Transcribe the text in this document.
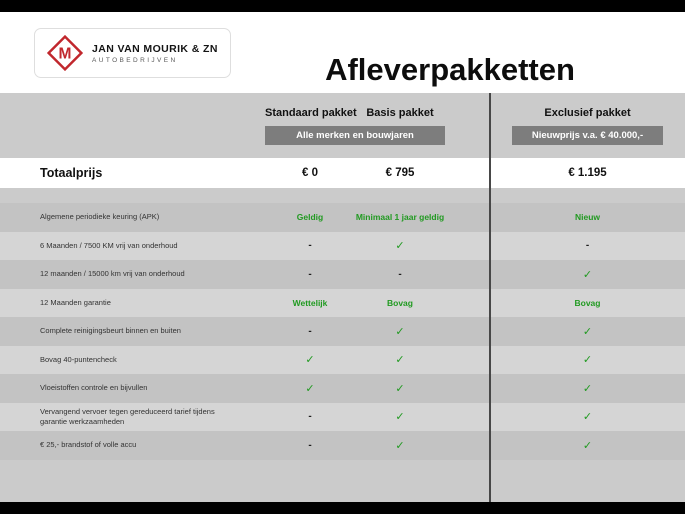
M JAN VAN MOURIK & ZN
AUTOBEDRIJVEN	Afleverpakketten
Standaard pakket Basis pakket	Exclusief pakket
Alle merken en bouwjaren	Nieuwprijs v.a. € 40.000,-
Totaalprijs	€ 0	€ 795	€ 1.195
Algemene periodieke keuring (APK)	Geldig	Minimaal 1 jaar geldig	Nieuw
6 Maanden / 7500 KM vrij van onderhoud	-	✓	-
12 maanden / 15000 km vrij van onderhoud	-	-	✓
12 Maanden garantie	Wettelijk	Bovag	Bovag
Complete reinigingsbeurt binnen en buiten	-	✓	✓
Bovag 40-puntencheck	✓	✓	✓
Vloeistoffen controle en bijvullen	✓	✓	✓
Vervangend vervoer tegen gereduceerd tarief tijdens garantie werkzaamheden	-	✓	✓
€ 25,- brandstof of volle accu	-	✓	✓
